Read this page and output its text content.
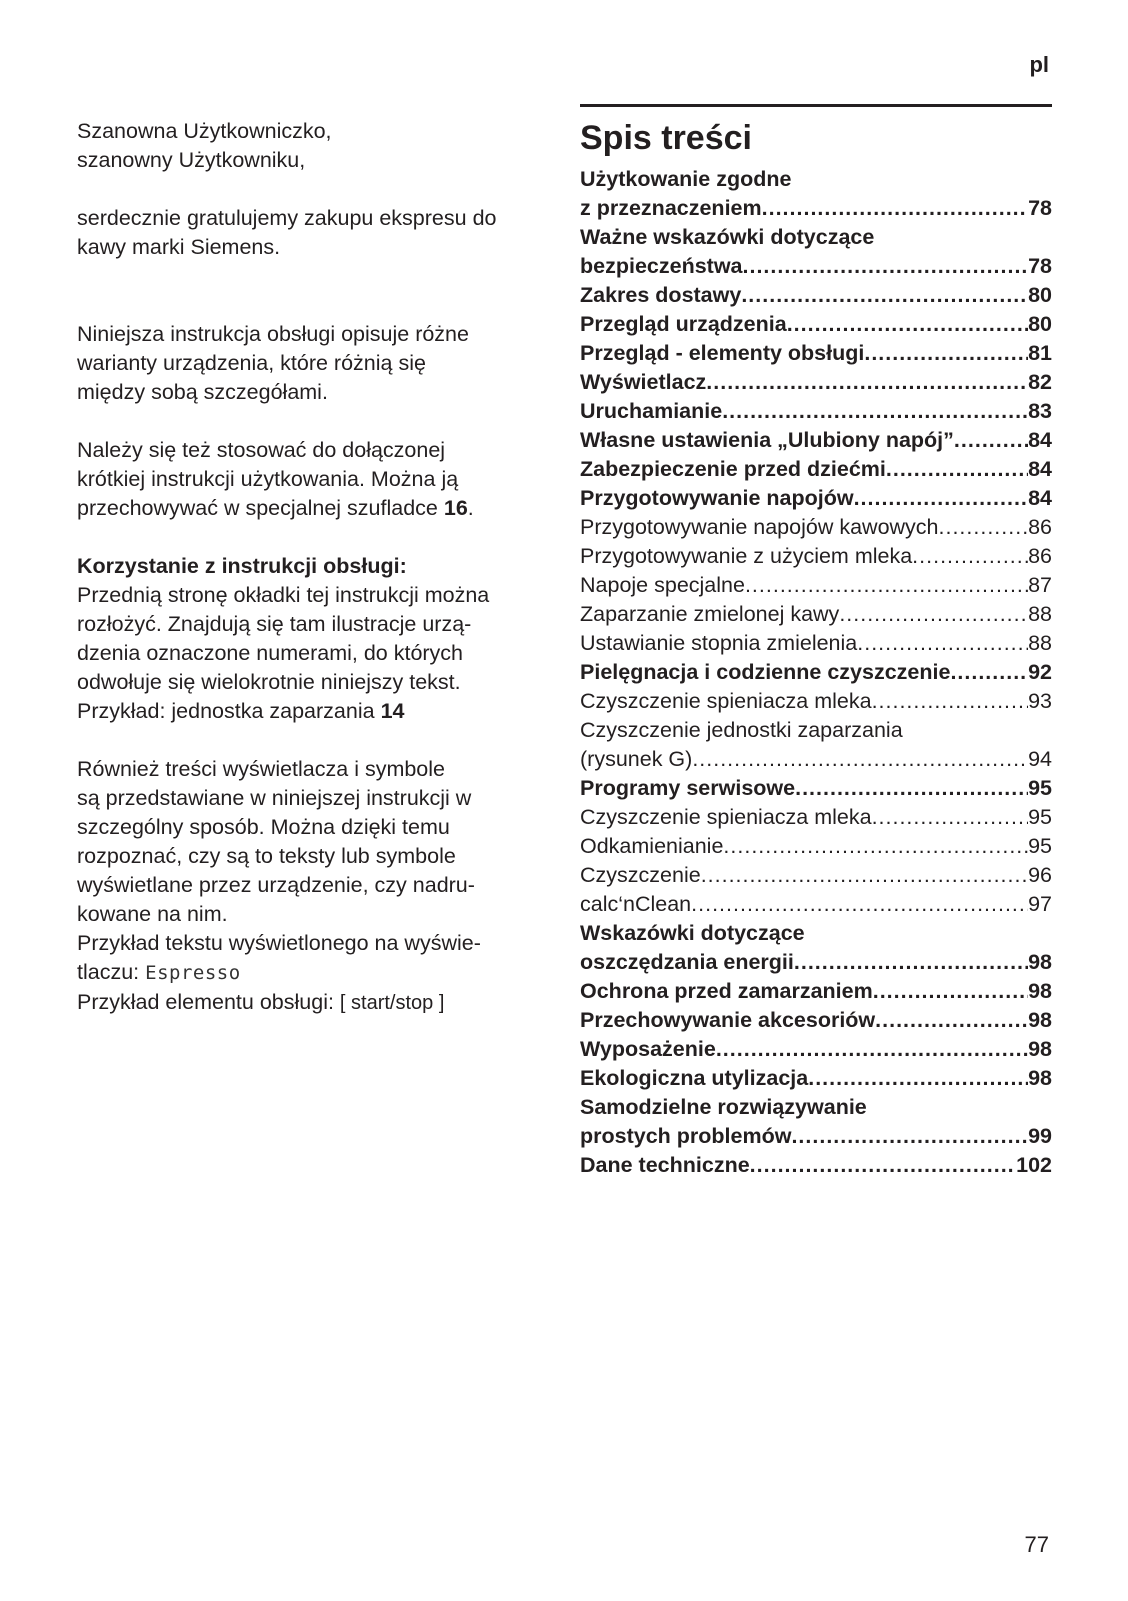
pl

Szanowna Użytkowniczko,

szanowny Użytkowniku,

serdecznie gratulujemy zakupu ekspresu do

kawy marki Siemens.

Niniejsza instrukcja obsługi opisuje różne

warianty urządzenia, które różnią się

między sobą szczegółami.

Należy się też stosować do dołączonej

krótkiej instrukcji użytkowania. Można ją

przechowywać w specjalnej szufladce 16.

Korzystanie z instrukcji obsługi:

Przednią stronę okładki tej instrukcji można

rozłożyć. Znajdują się tam ilustracje urzą-

dzenia oznaczone numerami, do których

odwołuje się wielokrotnie niniejszy tekst.

Przykład: jednostka zaparzania 14

Również treści wyświetlacza i symbole

są przedstawiane w niniejszej instrukcji w

szczególny sposób. Można dzięki temu

rozpoznać, czy są to teksty lub symbole

wyświetlane przez urządzenie, czy nadru-

kowane na nim.

Przykład tekstu wyświetlonego na wyświe-

tlaczu: Espresso

Przykład elementu obsługi: [ start/stop ]

Spis treści
Użytkowanie zgodne
z przeznaczeniem .....	78
Ważne wskazówki dotyczące
bezpieczeństwa .....	78
Zakres dostawy .....	80
Przegląd urządzenia .....	80
Przegląd - elementy obsługi .....	81
Wyświetlacz .....	82
Uruchamianie .....	83
Własne ustawienia „Ulubiony napój” .....	84
Zabezpieczenie przed dziećmi .....	84
Przygotowywanie napojów .....	84
Przygotowywanie napojów kawowych .....	86
Przygotowywanie z użyciem mleka .....	86
Napoje specjalne .....	87
Zaparzanie zmielonej kawy .....	88
Ustawianie stopnia zmielenia .....	88
Pielęgnacja i codzienne czyszczenie .....	92
Czyszczenie spieniacza mleka .....	93
Czyszczenie jednostki zaparzania
(rysunek G) .....	94
Programy serwisowe .....	95
Czyszczenie spieniacza mleka .....	95
Odkamienianie .....	95
Czyszczenie .....	96
calc‘nClean .....	97
Wskazówki dotyczące
oszczędzania energii .....	98
Ochrona przed zamarzaniem .....	98
Przechowywanie akcesoriów .....	98
Wyposażenie .....	98
Ekologiczna utylizacja .....	98
Samodzielne rozwiązywanie
prostych problemów .....	99
Dane techniczne .....	102
77
